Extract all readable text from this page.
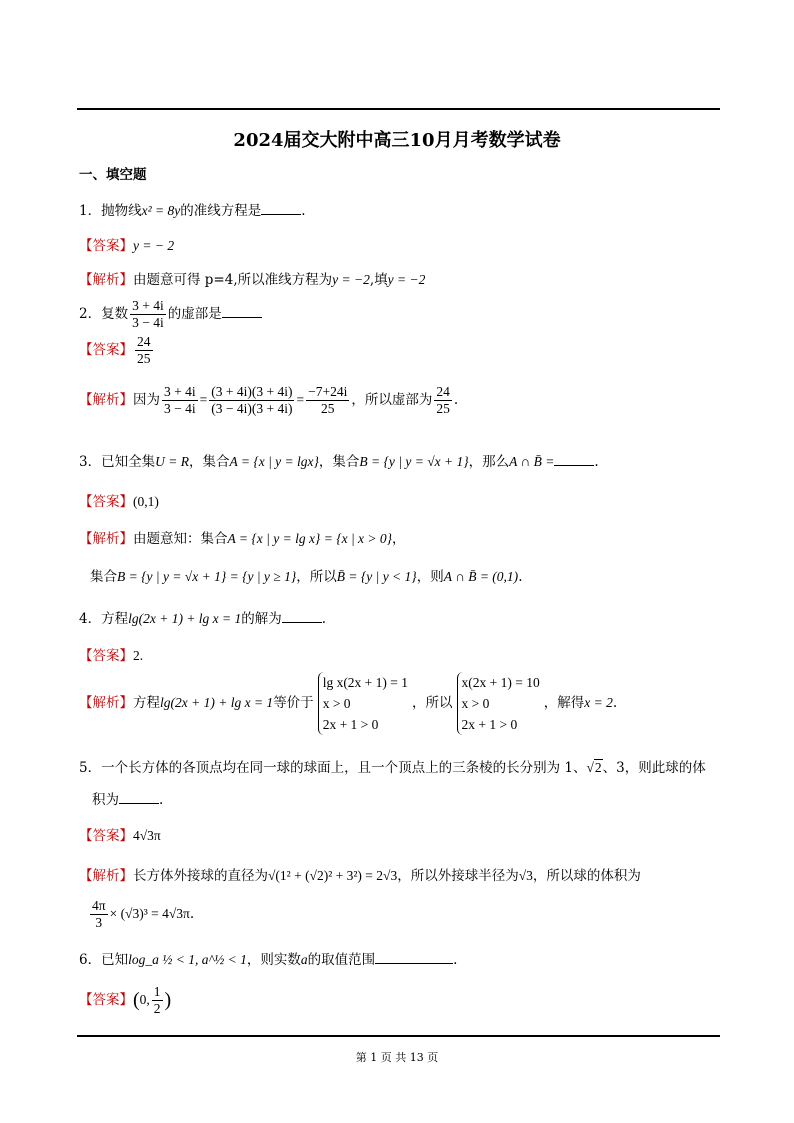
2024届交大附中高三10月月考数学试卷
一、填空题
1．抛物线x² = 8y的准线方程是	.
【答案】y = − 2
【解析】由题意可得 p=4,所以准线方程为y = −2,填y = −2
2．复数 $\frac{3 + 4i}{3 - 4i}$ 的虚部是
【答案】 $\frac{24}{25}$
【解析】因为 $\frac{3 + 4i}{3 - 4i} = \frac{(3 + 4i)(3 + 4i)}{(3 - 4i)(3 + 4i)} = \frac{-7+24i}{25}$ ，所以虚部为 $\frac{24}{25}$ .
3．已知全集U = R，集合A = {x | y = lgx}，集合B = {y | y = √x + 1}，那么A ∩ B̄ =	.
【答案】(0,1)
【解析】由题意知：集合A = {x | y = lg x} = {x | x > 0}，
集合B = {y | y = √x + 1} = {y | y ≥ 1}，所以B̄ = {y | y < 1}，则A ∩ B̄ = (0,1).
4．方程lg(2x + 1) + lg x = 1的解为	.
【答案】2.
【解析】方程lg(2x + 1) + lg x = 1等价于
lg x(2x + 1) = 1
x > 0
2x + 1 > 0
，所以
x(2x + 1) = 10
x > 0
2x + 1 > 0
，解得x = 2.
5．一个长方体的各顶点均在同一球的球面上，且一个顶点上的三条棱的长分别为 1、√2、3，则此球的体
积为	.
【答案】4√3π
【解析】长方体外接球的直径为√(1² + (√2)² + 3²) = 2√3，所以外接球半径为√3，所以球的体积为
$\frac{4\pi}{3} \times (√3)^3 = 4√3\pi$.
6．已知log_a ½ < 1, a^½ < 1，则实数a的取值范围	.
【答案】(0, $\frac{1}{2}$ )
第 1 页 共 13 页
